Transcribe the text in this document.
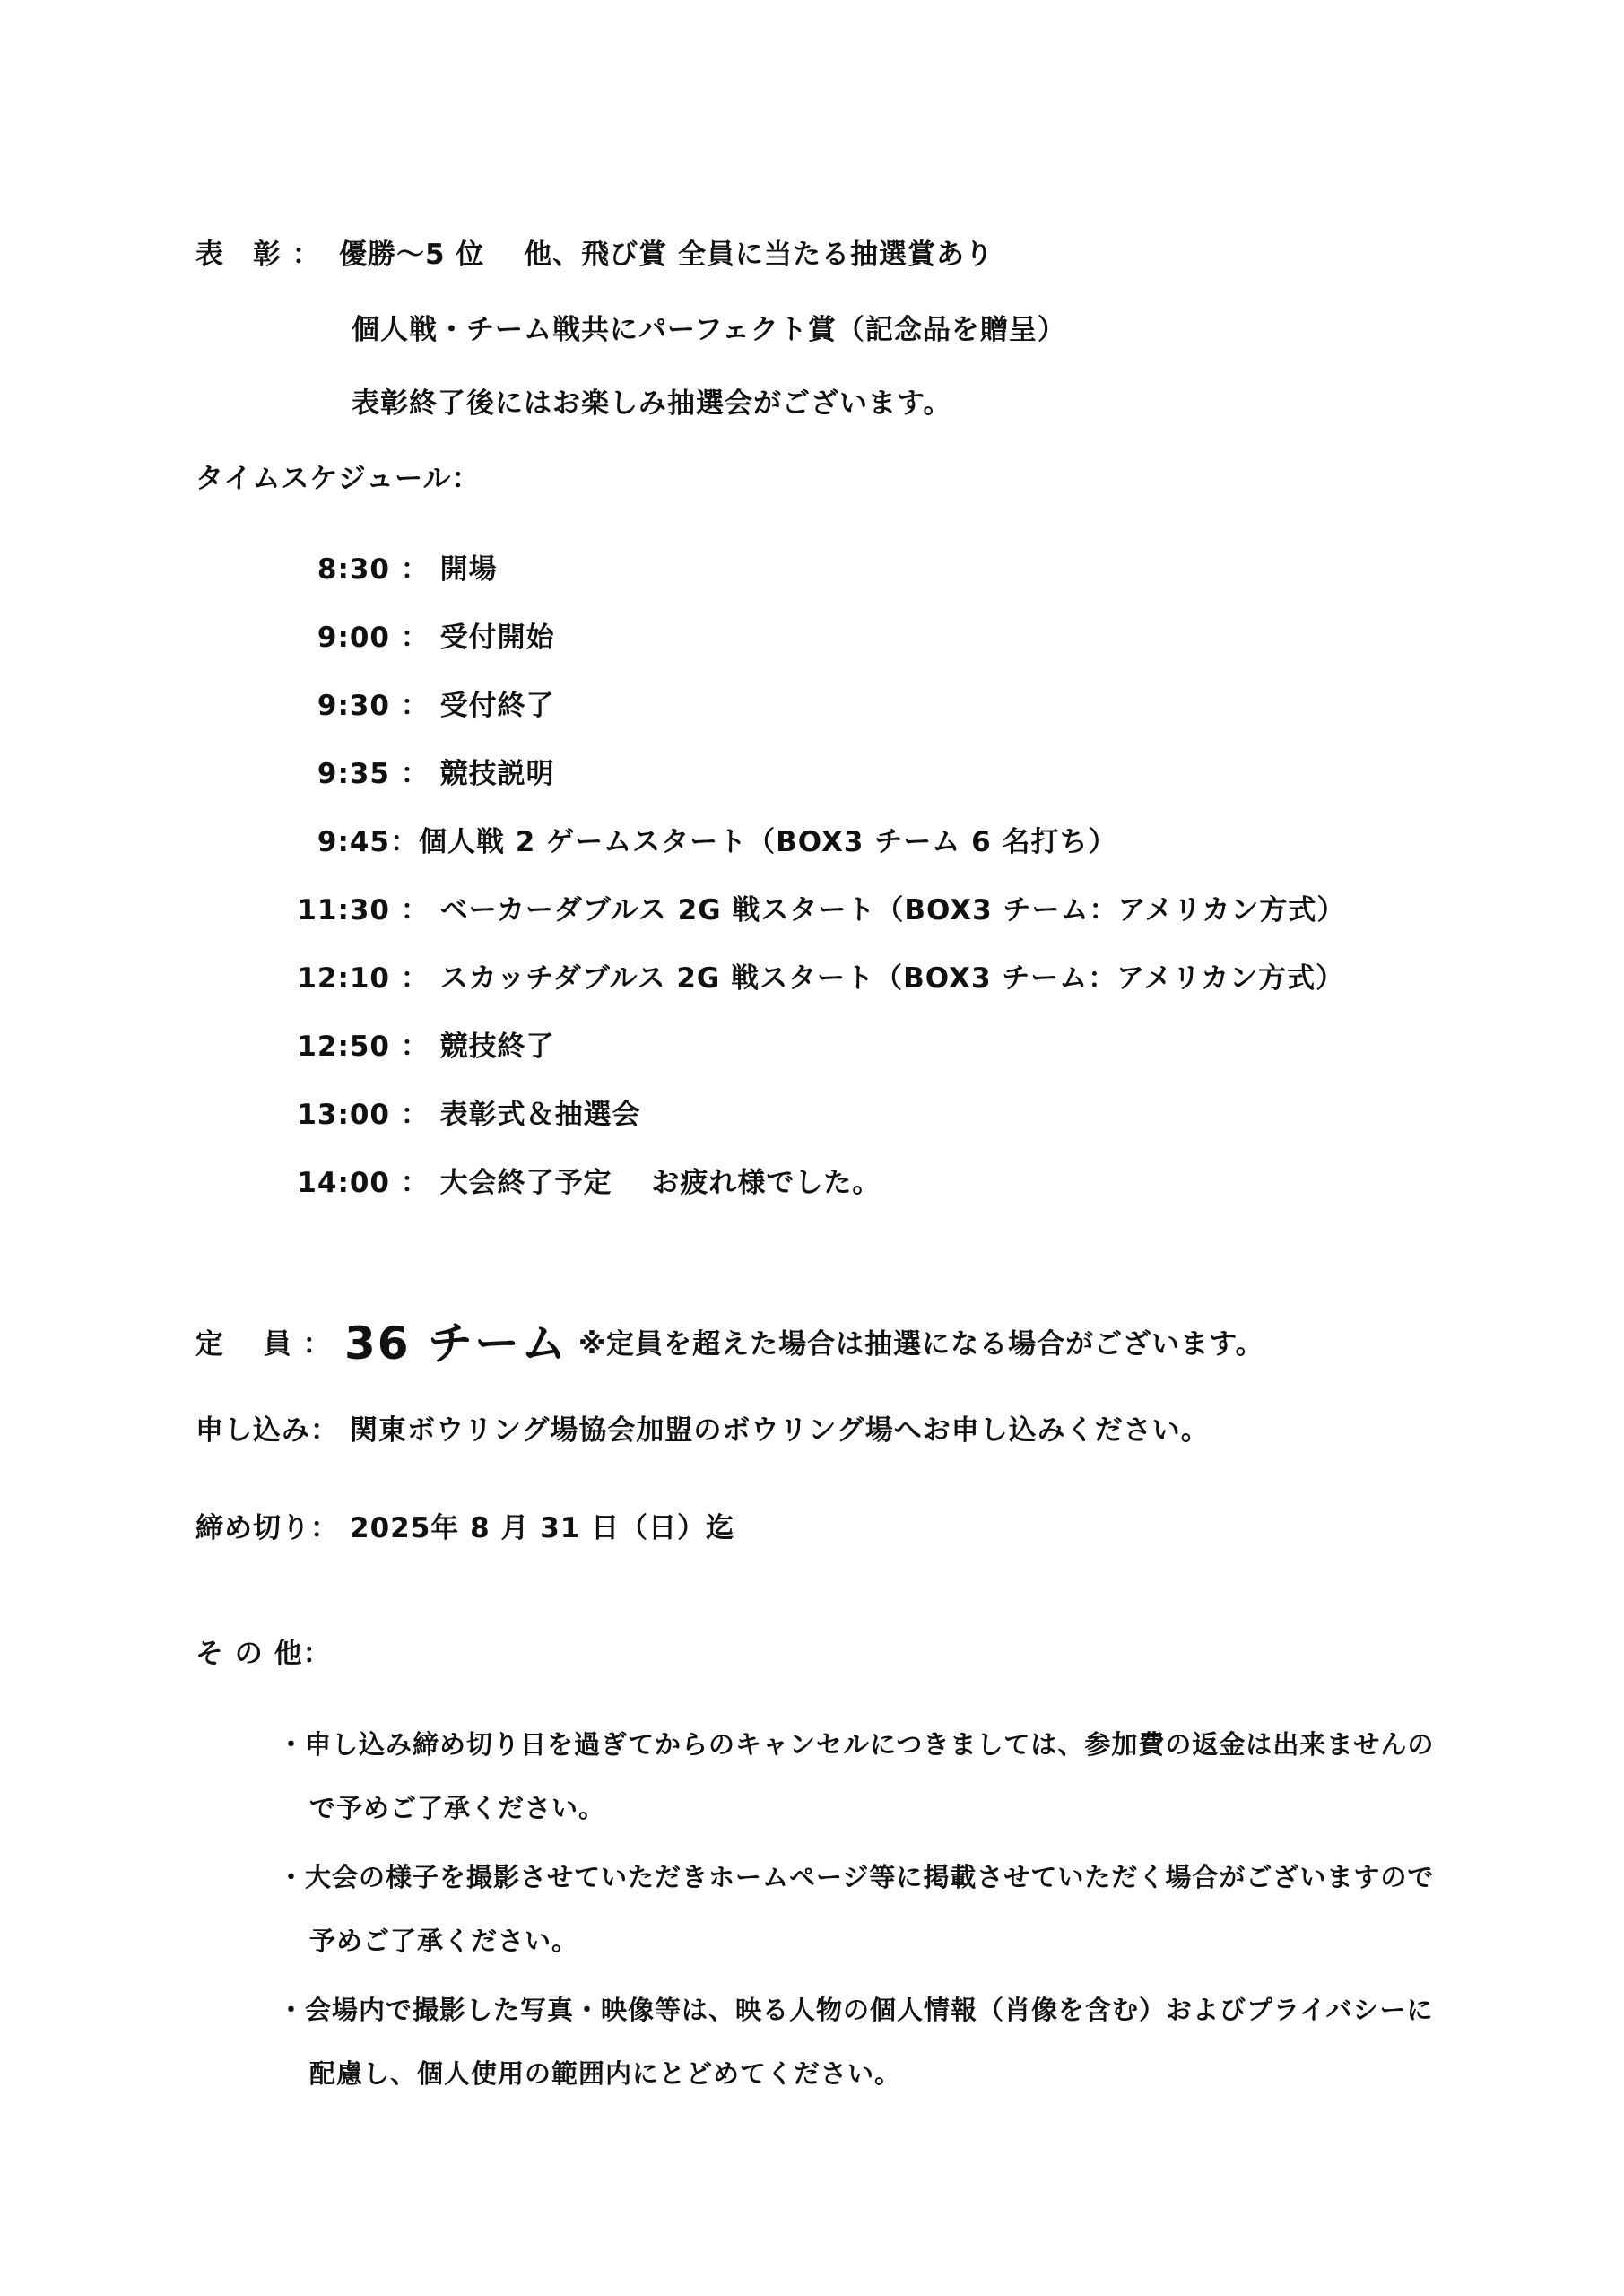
表　彰 ： 優勝～5 位　 他、飛び賞 全員に当たる抽選賞あり
個人戦・チーム戦共にパーフェクト賞（記念品を贈呈）
表彰終了後にはお楽しみ抽選会がございます。
タイムスケジュール：
8:30 ： 開場
9:00 ： 受付開始
9:30 ： 受付終了
9:35 ： 競技説明
9:45：個人戦 2 ゲームスタート（BOX3 チーム 6 名打ち）
11:30 ： ベーカーダブルス 2G 戦スタート（BOX3 チーム：アメリカン方式）
12:10 ： スカッチダブルス 2G 戦スタート（BOX3 チーム：アメリカン方式）
12:50 ： 競技終了
13:00 ： 表彰式＆抽選会
14:00 ： 大会終了予定　 お疲れ様でした。
定　 員 ： 36 チーム ※定員を超えた場合は抽選になる場合がございます。
申し込み： 関東ボウリング場協会加盟のボウリング場へお申し込みください。
締め切り： 2025年 8 月 31 日（日）迄
そ の 他：
・申し込み締め切り日を過ぎてからのキャンセルにつきましては、参加費の返金は出来ませんの
で予めご了承ください。
・大会の様子を撮影させていただきホームページ等に掲載させていただく場合がございますので
予めご了承ください。
・会場内で撮影した写真・映像等は、映る人物の個人情報（肖像を含む）およびプライバシーに
配慮し、個人使用の範囲内にとどめてください。
